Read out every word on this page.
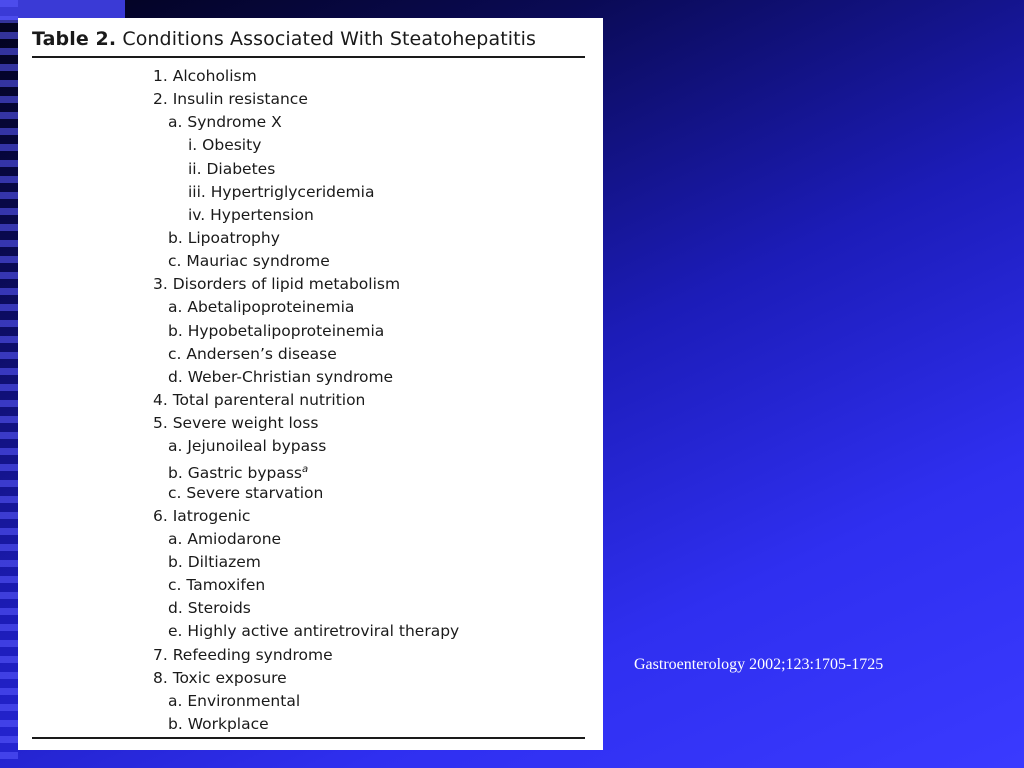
Table 2. Conditions Associated With Steatohepatitis
1. Alcoholism
2. Insulin resistance
a. Syndrome X
i. Obesity
ii. Diabetes
iii. Hypertriglyceridemia
iv. Hypertension
b. Lipoatrophy
c. Mauriac syndrome
3. Disorders of lipid metabolism
a. Abetalipoproteinemia
b. Hypobetalipoproteinemia
c. Andersen’s disease
d. Weber-Christian syndrome
4. Total parenteral nutrition
5. Severe weight loss
a. Jejunoileal bypass
b. Gastric bypass$^a$
c. Severe starvation
6. Iatrogenic
a. Amiodarone
b. Diltiazem
c. Tamoxifen
d. Steroids
e. Highly active antiretroviral therapy
7. Refeeding syndrome
8. Toxic exposure
a. Environmental
b. Workplace
Gastroenterology 2002;123:1705-1725
